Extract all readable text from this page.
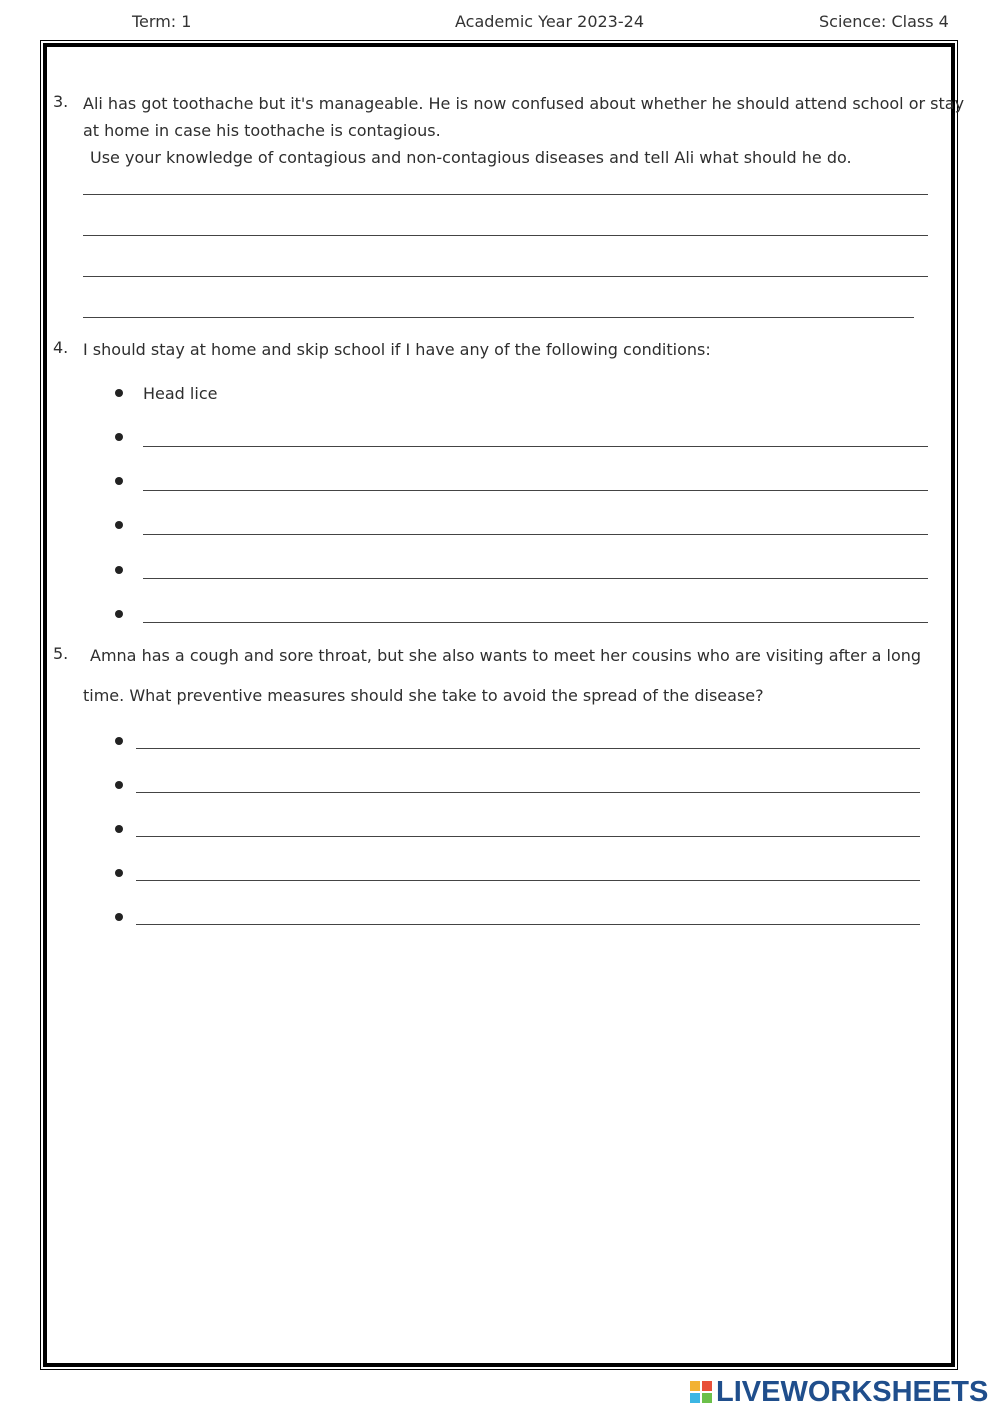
Term: 1	Academic Year 2023-24	Science: Class 4
3. Ali has got toothache but it's manageable. He is now confused about whether he should attend school or stay
at home in case his toothache is contagious.
Use your knowledge of contagious and non-contagious diseases and tell Ali what should he do.
4. I should stay at home and skip school if I have any of the following conditions:
Head lice
5. Amna has a cough and sore throat, but she also wants to meet her cousins who are visiting after a long
time. What preventive measures should she take to avoid the spread of the disease?
LIVEWORKSHEETS
